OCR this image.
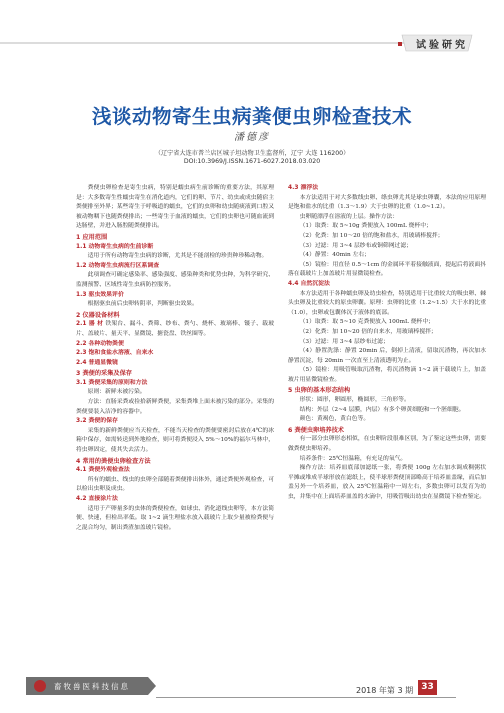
试验研究
浅谈动物寄生虫病粪便虫卵检查技术
潘德彦
（辽宁省大连市普兰店区城子坦动物卫生监督所，辽宁 大连 116200）
DOI:10.3969/J.ISSN.1671-6027.2018.03.020

粪便虫卵检查是寄生虫病，特别是蠕虫病生前诊断的重要方法，其原理是：大多数寄生性蠕虫寄生在消化道内，它们的卵、节片、幼虫或成虫随宿主粪便排至外界；某些寄生于呼吸道的蠕虫，它们的虫卵和幼虫随痰液到口腔又被动物咽下也随粪便排出；一些寄生于血液的蠕虫，它们的虫卵也可随血流到达肠壁，并进入肠腔随粪便排出。

1 应用范围
1.1 动物寄生虫病的生前诊断

适用于所有动物寄生虫病的诊断，尤其是不能剖检的珍贵种珍稀动物。

1.2 动物寄生虫病流行区系调查

此项调查可确定感染率、感染强度、感染种类和优势虫种，为科学研究、监测预警、区域性寄生虫病防控服务。

1.3 驱虫效果评价

根据驱虫前后虫卵转阴率，判断驱虫效果。

2 仪器设备材料

2.1 器 材 铁架台、漏斗、粪筛、纱布、粪勺、烧杯、玻璃棒、镊子、载玻片、盖玻片、量天平、显微镜、搪瓷盘、铁丝圈等。

2.2 各种动物粪便
2.3 饱和食盐水溶液、自来水
2.4 普通显微镜
3 粪便的采集及保存
3.1 粪便采集的原则和方法

原则：新鲜未被污染。

方法：直肠采粪或捡拾新鲜粪便，采集粪堆上面未被污染的部分。采集的粪便要装入洁净的容器中。

3.2 粪便的保存

采集的新鲜粪便应当天检查，不能当天检查的粪便要密封后放在4℃的冰箱中保存，如需转送到外地检查，则可将粪便浸入 5%～10%的福尔马林中，将虫卵固定，使其失去活力。

4 常用的粪便虫卵检查方法
4.1 粪便外观检查法

所有的蠕虫、线虫的虫卵全部随着粪便排出体外，通过粪便外观检查，可以检出虫卵及成虫。

4.2 直接涂片法

适用于产卵量多的虫体的粪便检查，如球虫、消化道线虫卵等，本方法简便、快速，但检出率低。取 1~2 滴生理盐水放入载玻片上取少量被检粪便与之混合均匀，制出粪渣加盖玻片镜检。

4.3 漂浮法

本方法适用于对大多数线虫卵、绦虫卵尤其是球虫卵囊，本法的应用原理是饱和盐水的比重（1.3～1.9）大于虫卵的比重（1.0~1.2）。

虫卵随漂浮在溶液的上层。操作方法：

（1）取粪：取 5~10g 粪便放入 100mL 烧杯中；

（2）化粪：加 10～20 倍的饱和盐水，用玻璃棒搅拌；

（3）过滤：用 3~4 层纱布或铜筛网过滤；

（4）静置：40min 左右；

（5）镜检：用直径 0.5～1cm 的金属环平着接触液面，提起后将液面抖落在载玻片上加盖玻片用显微镜检查。

4.4 自然沉淀法

本方法适用于各种蠕虫卵及幼虫检查，特别适用于比重较大的吸虫卵、棘头虫卵及比重较大的原虫卵囊。原理：虫卵的比重（1.2~1.5）大于水的比重（1.0），虫卵或包囊体沉于液体的底部。

（1）取粪：取 5~10 克粪便放入 100mL 烧杯中；

（2）化粪：加 10~20 倍的自来水，用玻璃棒搅拌；

（3）过滤：用 3~4 层纱布过滤；

（4）静置洗涤：静置 20min 后，倒掉上清液，留取沉渣物，再次加水静置沉淀，每 20min 一次直至上清液透明为止。

（5）镜检：用吸管吸取沉渣物，将沉渣物滴 1~2 滴于载玻片上，加盖玻片用显微镜检查。

5 虫卵的基本形态结构

形状：圆形，卵圆形，椭圆形，三角形等。

结构：外层（2~4 层膜，内层）有多个卵黄细胞和一个胚细胞。

颜色：黄褐色，黄白色等。

6 粪便虫卵培养技术

有一部分虫卵形态相似，在虫卵阶段很难区别，为了鉴定这些虫卵，需要做粪便虫卵培养。

培养条件：25℃恒温箱，有充足的氧气。

操作方法：培养皿底部加滤纸一张，将粪便 100g 左右加水调成稠粥状平摊或堆成半球形放在滤纸上，使半球形粪便顶部略高于培养皿盖缘，而后加盖另外一个培养皿，放入 25℃恒温箱中一周左右，多数虫卵可以发育为幼虫，并集中在上面培养皿盖的水滴中，用吸管吸出幼虫在显微镜下检查鉴定。

畜牧兽医科技信息	2018 年第 3 期 33
